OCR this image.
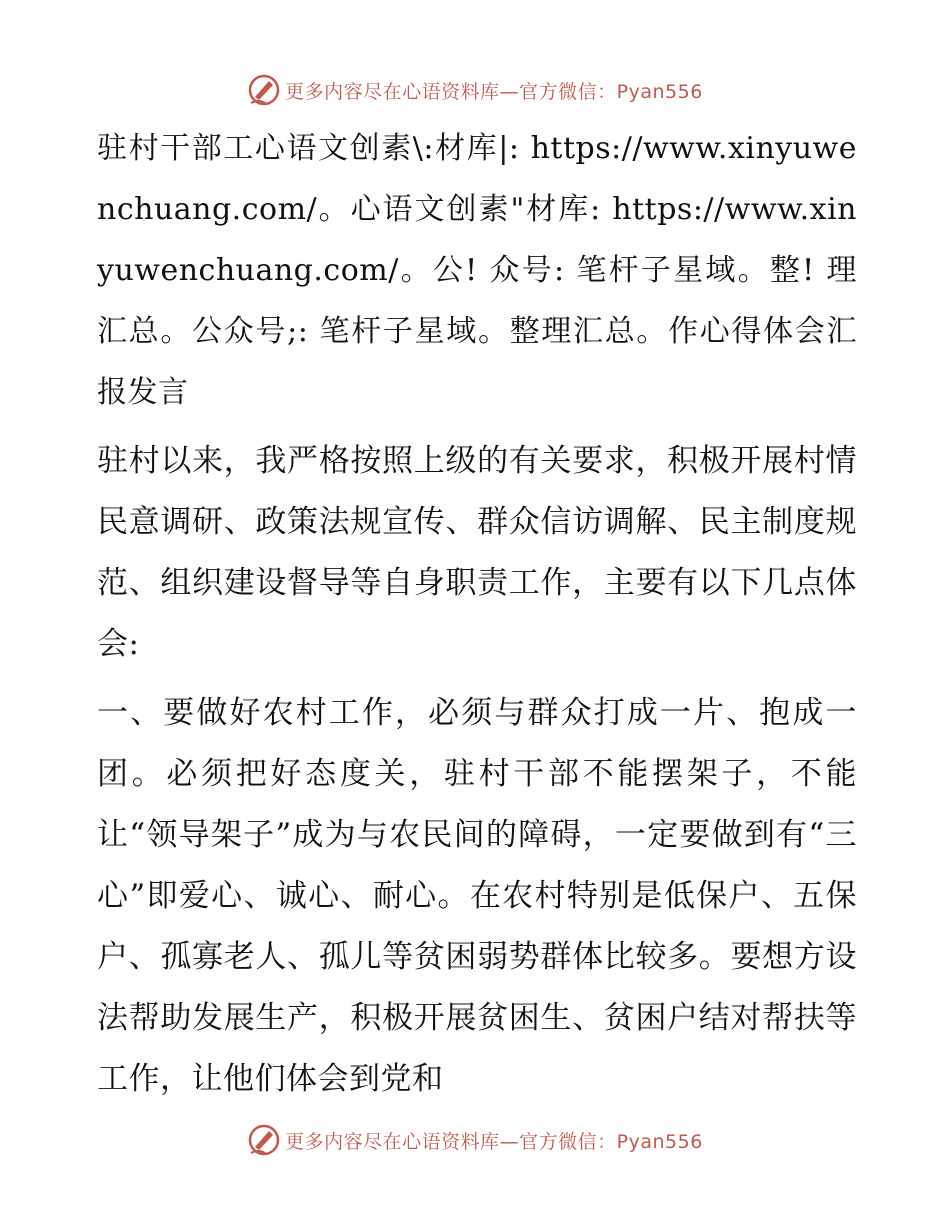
更多内容尽在心语资料库—官方微信：Pyan556

驻村干部工心语文创素\:材库|: https://www.xinyuwenchuang.com/。心语文创素"材库: https://www.xinyuwenchuang.com/。公! 众号: 笔杆子星域。整! 理汇总。公众号;: 笔杆子星域。整理汇总。作心得体会汇报发言

驻村以来，我严格按照上级的有关要求，积极开展村情民意调研、政策法规宣传、群众信访调解、民主制度规范、组织建设督导等自身职责工作，主要有以下几点体会:

一、要做好农村工作，必须与群众打成一片、抱成一团。必须把好态度关，驻村干部不能摆架子，不能让“领导架子”成为与农民间的障碍，一定要做到有“三心”即爱心、诚心、耐心。在农村特别是低保户、五保户、孤寡老人、孤儿等贫困弱势群体比较多。要想方设法帮助发展生产，积极开展贫困生、贫困户结对帮扶等工作，让他们体会到党和

更多内容尽在心语资料库—官方微信：Pyan556
